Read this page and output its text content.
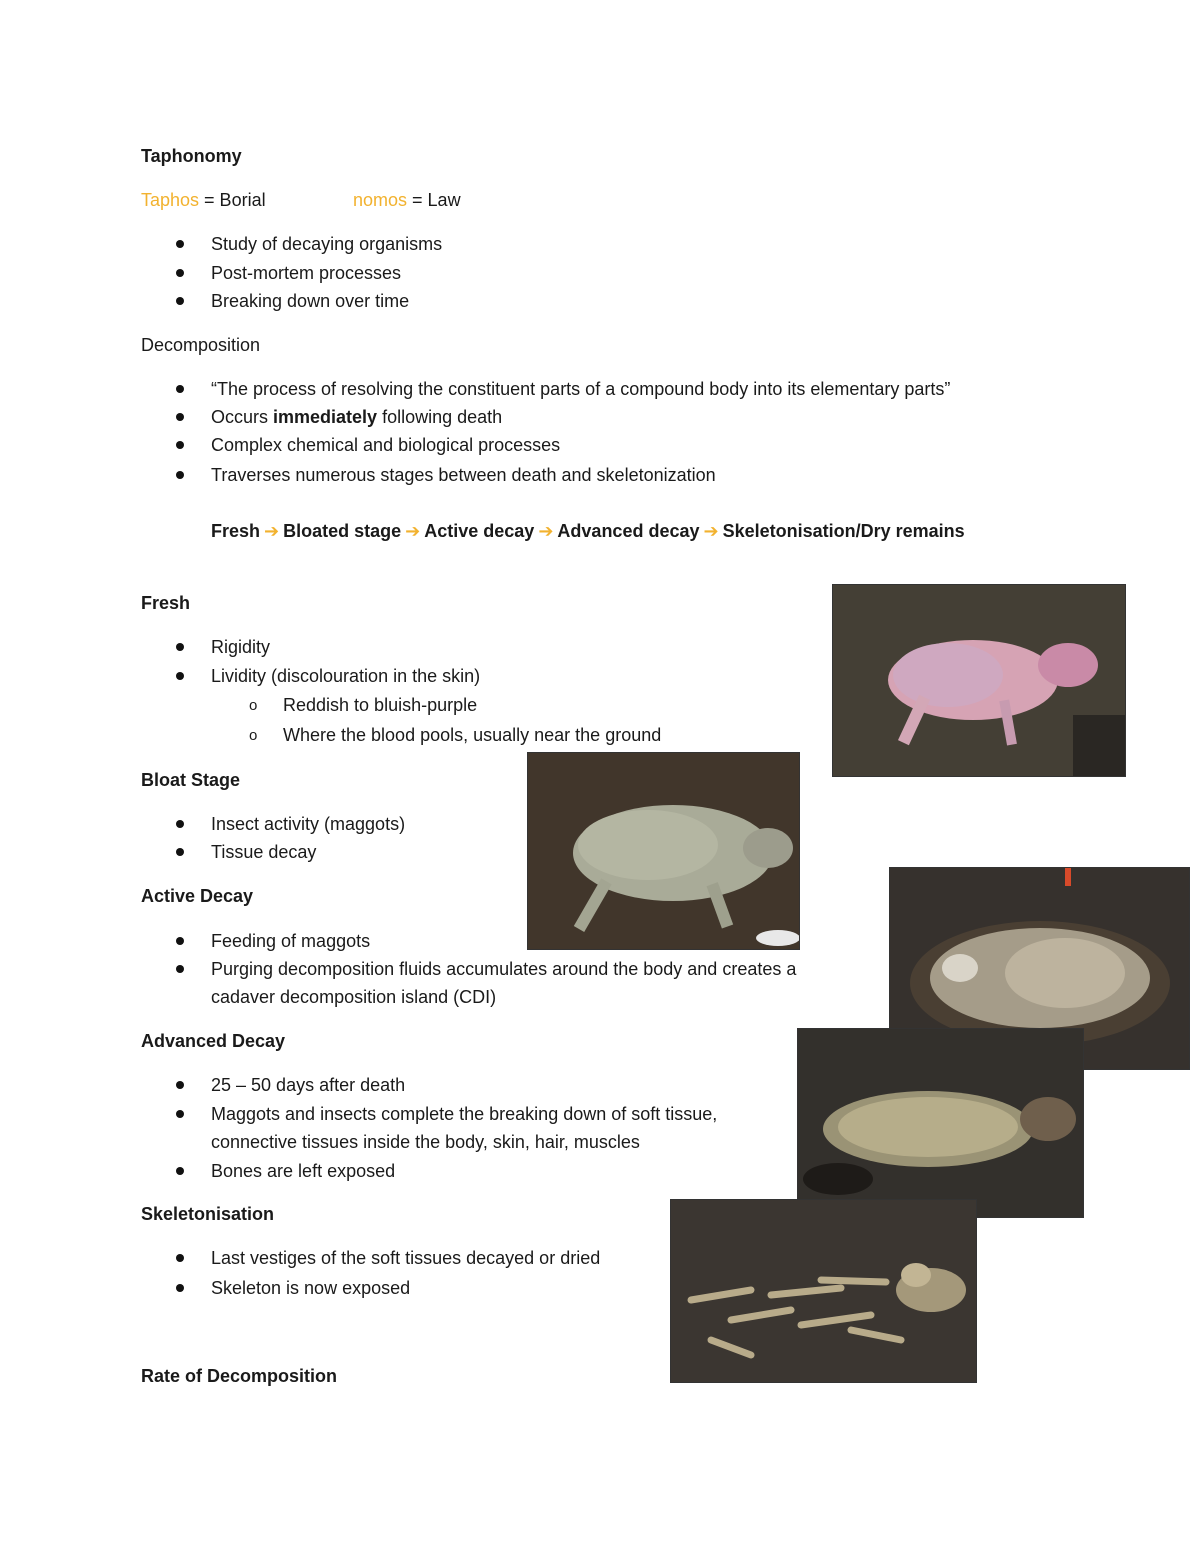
Taphonomy
Taphos = Borial	nomos = Law
Study of decaying organisms
Post-mortem processes
Breaking down over time
Decomposition
“The process of resolving the constituent parts of a compound body into its elementary parts”
Occurs immediately following death
Complex chemical and biological processes
Traverses numerous stages between death and skeletonization
Fresh ➔ Bloated stage ➔ Active decay ➔ Advanced decay ➔ Skeletonisation/Dry remains
Fresh
Rigidity
Lividity (discolouration in the skin)
o Reddish to bluish-purple
o Where the blood pools, usually near the ground
Bloat Stage
Insect activity (maggots)
Tissue decay
Active Decay
Feeding of maggots
Purging decomposition fluids accumulates around the body and creates a
cadaver decomposition island (CDI)
Advanced Decay
25 – 50 days after death
Maggots and insects complete the breaking down of soft tissue,
connective tissues inside the body, skin, hair, muscles
Bones are left exposed
Skeletonisation
Last vestiges of the soft tissues decayed or dried
Skeleton is now exposed
Rate of Decomposition
